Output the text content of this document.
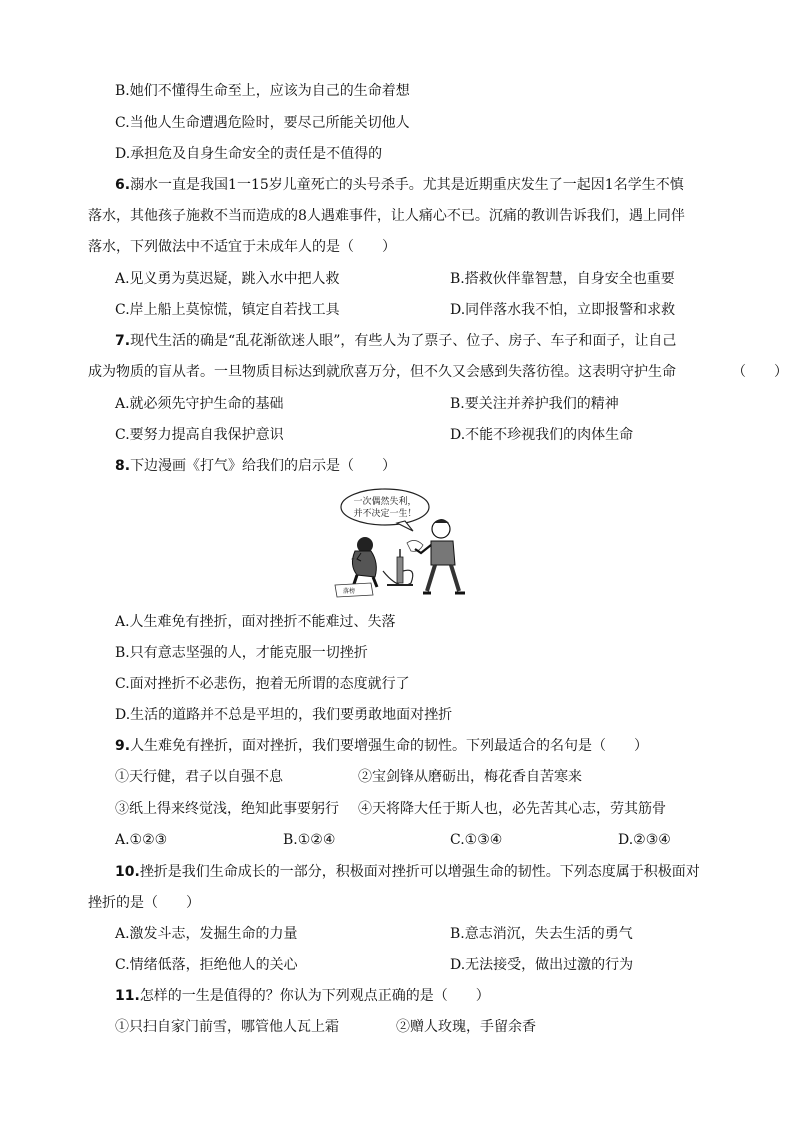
B.她们不懂得生命至上，应该为自己的生命着想
C.当他人生命遭遇危险时，要尽己所能关切他人
D.承担危及自身生命安全的责任是不值得的
6.溺水一直是我国1一15岁儿童死亡的头号杀手。尤其是近期重庆发生了一起因1名学生不慎
落水，其他孩子施救不当而造成的8人遇难事件，让人痛心不已。沉痛的教训告诉我们，遇上同伴
落水，下列做法中不适宜于未成年人的是（　　）
A.见义勇为莫迟疑，跳入水中把人救	B.搭救伙伴靠智慧，自身安全也重要
C.岸上船上莫惊慌，镇定自若找工具	D.同伴落水我不怕，立即报警和求救
7.现代生活的确是“乱花渐欲迷人眼”，有些人为了票子、位子、房子、车子和面子，让自己
成为物质的盲从者。一旦物质目标达到就欣喜万分，但不久又会感到失落彷徨。这表明守护生命	（　　）
A.就必须先守护生命的基础	B.要关注并养护我们的精神
C.要努力提高自我保护意识	D.不能不珍视我们的肉体生命
8.下边漫画《打气》给我们的启示是（　　）
一次偶然失利，
并不决定一生！
’’
落榜
A.人生难免有挫折，面对挫折不能难过、失落
B.只有意志坚强的人，才能克服一切挫折
C.面对挫折不必悲伤，抱着无所谓的态度就行了
D.生活的道路并不总是平坦的，我们要勇敢地面对挫折
9.人生难免有挫折，面对挫折，我们要增强生命的韧性。下列最适合的名句是（　　）
①天行健，君子以自强不息	②宝剑锋从磨砺出，梅花香自苦寒来
③纸上得来终觉浅，绝知此事要躬行 ④天将降大任于斯人也，必先苦其心志，劳其筋骨
A.①②③	B.①②④	C.①③④	D.②③④
10.挫折是我们生命成长的一部分，积极面对挫折可以增强生命的韧性。下列态度属于积极面对
挫折的是（　　）
A.激发斗志，发掘生命的力量	B.意志消沉，失去生活的勇气
C.情绪低落，拒绝他人的关心	D.无法接受，做出过激的行为
11.怎样的一生是值得的？你认为下列观点正确的是（　　）
①只扫自家门前雪，哪管他人瓦上霜	②赠人玫瑰，手留余香
